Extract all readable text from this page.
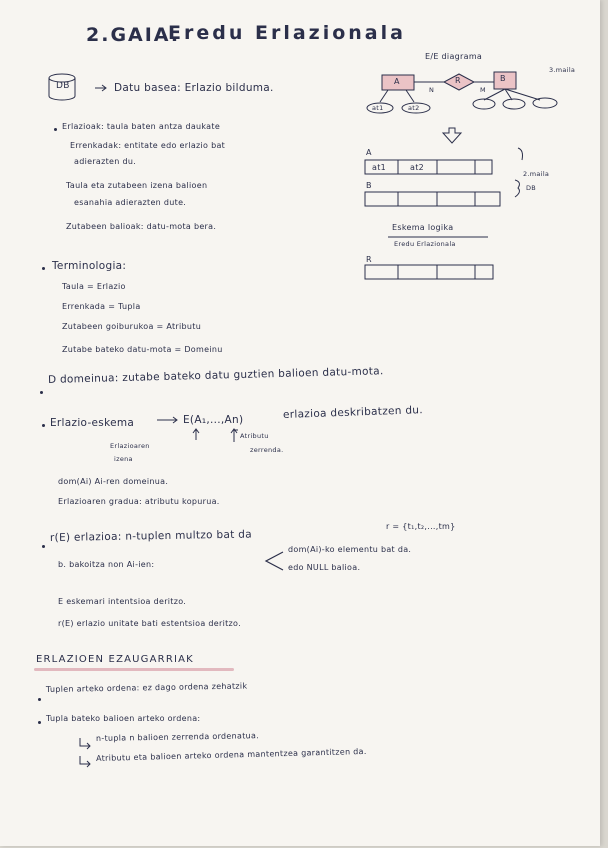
2.GAIA.
Eredu Erlazionala
DB	Datu basea: Erlazio bilduma.
E/E diagrama
3.maila
A	R	B
N	M
at1	at2
A
at1	at2
B
2.maila
DB
Eskema logika
Eredu Erlazionala
R
Erlazioak: taula baten antza daukate
Errenkadak: entitate edo erlazio bat
adierazten du.
Taula eta zutabeen izena balioen
esanahia adierazten dute.
Zutabeen balioak: datu-mota bera.
Terminologia:
Taula = Erlazio
Errenkada = Tupla
Zutabeen goiburukoa = Atributu
Zutabe bateko datu-mota = Domeinu
D domeinua: zutabe bateko datu guztien balioen datu-mota.
Erlazio-eskema	E(A₁,...,An)	erlazioa deskribatzen du.
Erlazioaren
izena
Atributu
zerrenda.
dom(Ai) Ai-ren domeinua.
Erlazioaren gradua: atributu kopurua.
r(E) erlazioa: n-tuplen multzo bat da
r = {t₁,t₂,...,tm}
b. bakoitza non Ai-ien:
dom(Ai)-ko elementu bat da.
edo NULL balioa.
E eskemari intentsioa deritzo.
r(E) erlazio unitate bati estentsioa deritzo.
ERLAZIOEN EZAUGARRIAK
Tuplen arteko ordena: ez dago ordena zehatzik
Tupla bateko balioen arteko ordena:
n-tupla n balioen zerrenda ordenatua.
Atributu eta balioen arteko ordena mantentzea garantitzen da.
